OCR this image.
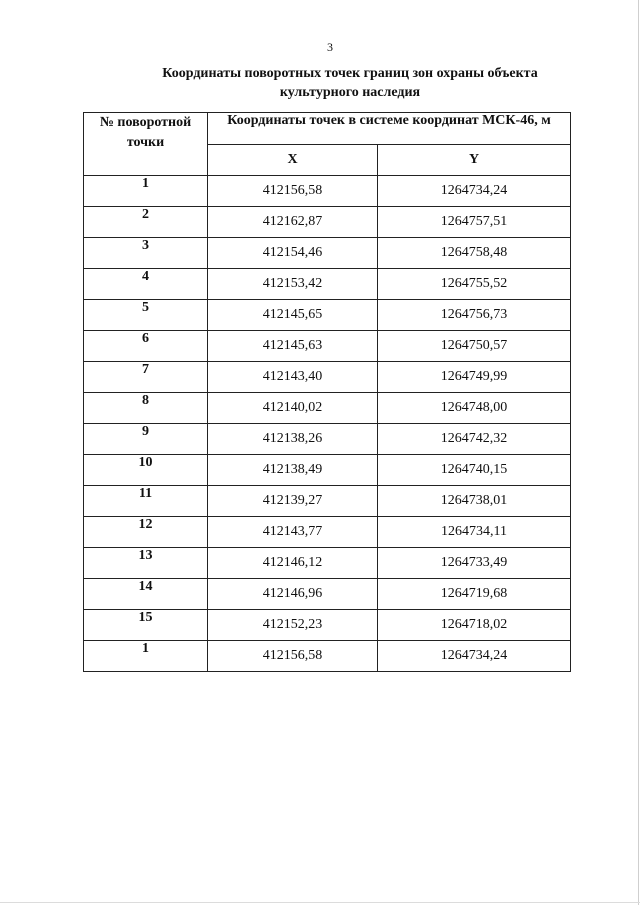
3
Координаты поворотных точек границ зон охраны объекта
культурного наследия
№ поворотной
точки	Координаты точек в системе координат МСК-46, м	
	X	Y
1	412156,58	1264734,24
2	412162,87	1264757,51
3	412154,46	1264758,48
4	412153,42	1264755,52
5	412145,65	1264756,73
6	412145,63	1264750,57
7	412143,40	1264749,99
8	412140,02	1264748,00
9	412138,26	1264742,32
10	412138,49	1264740,15
11	412139,27	1264738,01
12	412143,77	1264734,11
13	412146,12	1264733,49
14	412146,96	1264719,68
15	412152,23	1264718,02
1	412156,58	1264734,24
